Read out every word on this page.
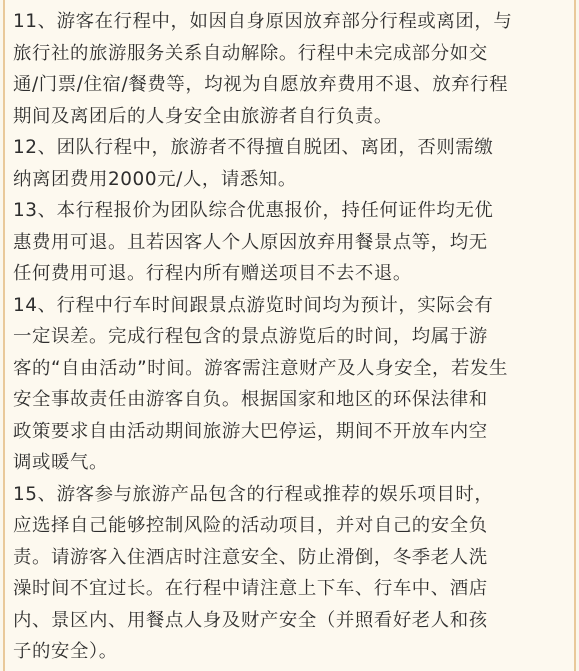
11、游客在行程中，如因自身原因放弃部分行程或离团，与
旅行社的旅游服务关系自动解除。行程中未完成部分如交
通/门票/住宿/餐费等，均视为自愿放弃费用不退、放弃行程
期间及离团后的人身安全由旅游者自行负责。
12、团队行程中，旅游者不得擅自脱团、离团，否则需缴
纳离团费用2000元/人，请悉知。
13、本行程报价为团队综合优惠报价，持任何证件均无优
惠费用可退。且若因客人个人原因放弃用餐景点等，均无
任何费用可退。行程内所有赠送项目不去不退。
14、行程中行车时间跟景点游览时间均为预计，实际会有
一定误差。完成行程包含的景点游览后的时间，均属于游
客的“自由活动”时间。游客需注意财产及人身安全，若发生
安全事故责任由游客自负。根据国家和地区的环保法律和
政策要求自由活动期间旅游大巴停运，期间不开放车内空
调或暖气。
15、游客参与旅游产品包含的行程或推荐的娱乐项目时，
应选择自己能够控制风险的活动项目，并对自己的安全负
责。请游客入住酒店时注意安全、防止滑倒，冬季老人洗
澡时间不宜过长。在行程中请注意上下车、行车中、酒店
内、景区内、用餐点人身及财产安全（并照看好老人和孩
子的安全）。
